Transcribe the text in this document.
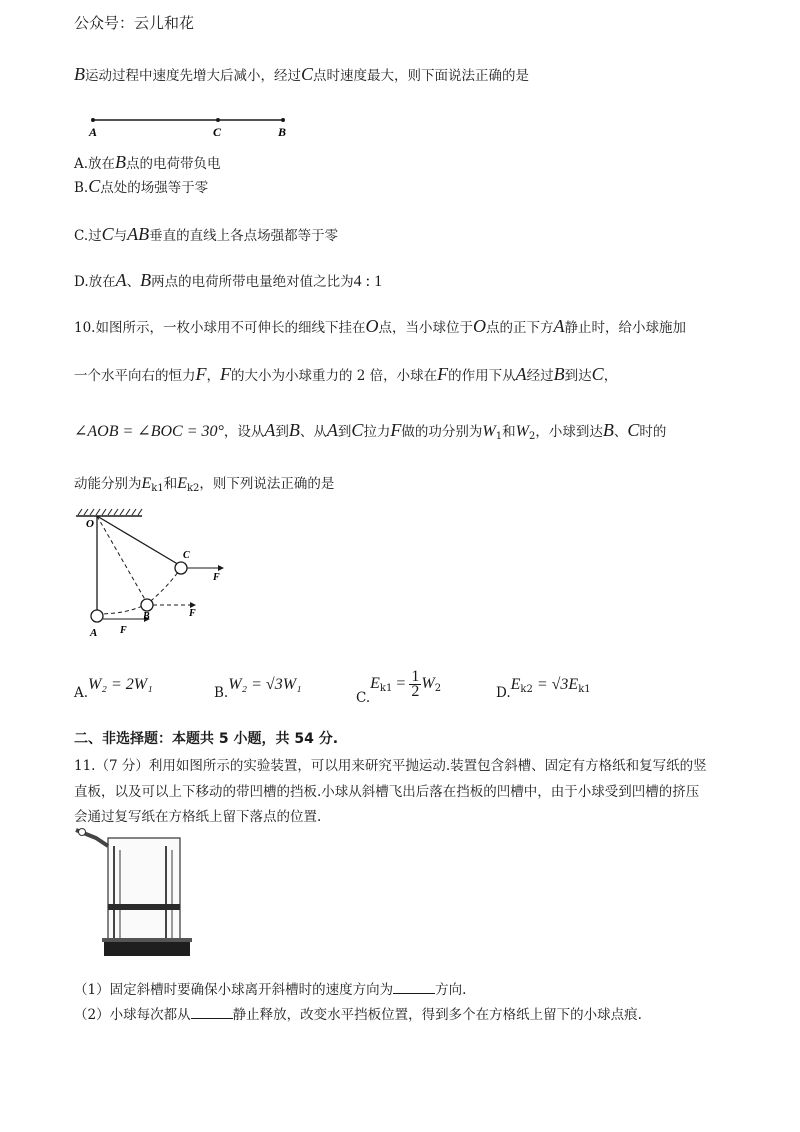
公众号：云儿和花
B运动过程中速度先增大后减小，经过C点时速度最大，则下面说法正确的是
A	C	B
A.放在B点的电荷带负电
B.C点处的场强等于零
C.过C与AB垂直的直线上各点场强都等于零
D.放在A、B两点的电荷所带电量绝对值之比为4 : 1
10.如图所示，一枚小球用不可伸长的细线下挂在O点，当小球位于O点的正下方A静止时，给小球施加
一个水平向右的恒力F，F的大小为小球重力的 2 倍，小球在F的作用下从A经过B到达C，
∠AOB = ∠BOC = 30°，设从A到B、从A到C拉力F做的功分别为$W_1$和$W_2$，小球到达B、C时的
动能分别为$E_{k1}$和$E_{k2}$，则下列说法正确的是
O
A
B
C
F
F
F
A.W₂ = 2W₁	B.W₂ = √3W₁
$C.E_{k1} = \frac{1}{2} W_2$	$D.E_{k2} = √3E_{k1}$
二、非选择题：本题共 5 小题，共 54 分.
11.（7 分）利用如图所示的实验装置，可以用来研究平抛运动.装置包含斜槽、固定有方格纸和复写纸的竖
直板，以及可以上下移动的带凹槽的挡板.小球从斜槽飞出后落在挡板的凹槽中，由于小球受到凹槽的挤压
会通过复写纸在方格纸上留下落点的位置.
（1）固定斜槽时要确保小球离开斜槽时的速度方向为	方向.
（2）小球每次都从	静止释放，改变水平挡板位置，得到多个在方格纸上留下的小球点痕.
